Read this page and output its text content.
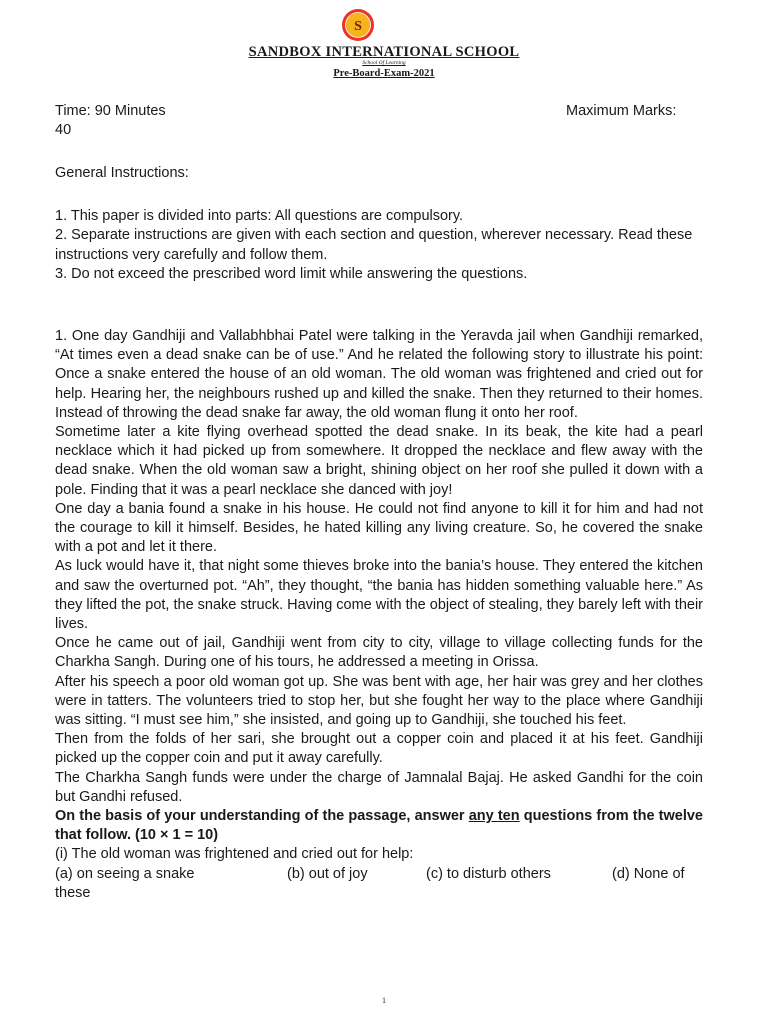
S
SANDBOX INTERNATIONAL SCHOOL
School Of Learning
Pre-Board-Exam-2021
Time: 90 Minutes	Maximum Marks:
40
General Instructions:
1. This paper is divided into parts: All questions are compulsory.
2. Separate instructions are given with each section and question, wherever necessary. Read these instructions very carefully and follow them.
3. Do not exceed the prescribed word limit while answering the questions.

1. One day Gandhiji and Vallabhbhai Patel were talking in the Yeravda jail when Gandhiji remarked, “At times even a dead snake can be of use.” And he related the following story to illustrate his point: Once a snake entered the house of an old woman. The old woman was frightened and cried out for help. Hearing her, the neighbours rushed up and killed the snake. Then they returned to their homes. Instead of throwing the dead snake far away, the old woman flung it onto her roof.

Sometime later a kite flying overhead spotted the dead snake. In its beak, the kite had a pearl necklace which it had picked up from somewhere. It dropped the necklace and flew away with the dead snake. When the old woman saw a bright, shining object on her roof she pulled it down with a pole. Finding that it was a pearl necklace she danced with joy!

One day a bania found a snake in his house. He could not find anyone to kill it for him and had not the courage to kill it himself. Besides, he hated killing any living creature. So, he covered the snake with a pot and let it there.

As luck would have it, that night some thieves broke into the bania’s house. They entered the kitchen and saw the overturned pot. “Ah”, they thought, “the bania has hidden something valuable here.” As they lifted the pot, the snake struck. Having come with the object of stealing, they barely left with their lives.

Once he came out of jail, Gandhiji went from city to city, village to village collecting funds for the Charkha Sangh. During one of his tours, he addressed a meeting in Orissa.

After his speech a poor old woman got up. She was bent with age, her hair was grey and her clothes were in tatters. The volunteers tried to stop her, but she fought her way to the place where Gandhiji was sitting. “I must see him,” she insisted, and going up to Gandhiji, she touched his feet.

Then from the folds of her sari, she brought out a copper coin and placed it at his feet. Gandhiji picked up the copper coin and put it away carefully.

The Charkha Sangh funds were under the charge of Jamnalal Bajaj. He asked Gandhi for the coin but Gandhi refused.

On the basis of your understanding of the passage, answer any ten questions from the twelve that follow. (10 × 1 = 10)

(i) The old woman was frightened and cried out for help:
(a) on seeing a snake	(b) out of joy	(c) to disturb others	(d) None of
these
1
